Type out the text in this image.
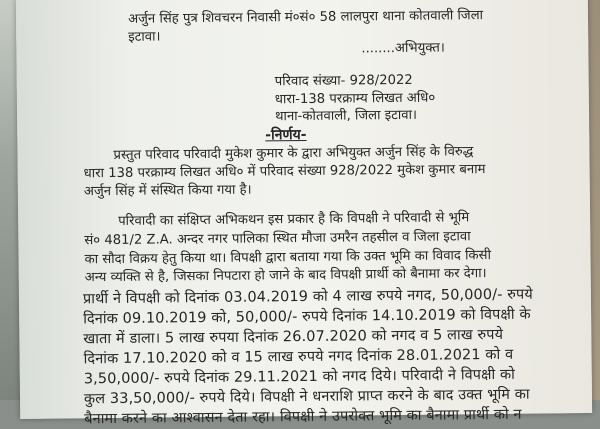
अर्जुन सिंह पुत्र शिवचरन निवासी मं०सं० 58 लालपुरा थाना कोतवाली जिला
इटावा।
........अभियुक्त।
परिवाद संख्या- 928/2022
धारा-138 परक्राम्य लिखत अधि०
थाना-कोतवाली, जिला इटावा।
-निर्णय-
प्रस्तुत परिवाद परिवादी मुकेश कुमार के द्वारा अभियुक्त अर्जुन सिंह के विरुद्ध
धारा 138 परक्राम्य लिखत अधि० में परिवाद संख्या 928/2022 मुकेश कुमार बनाम
अर्जुन सिंह में संस्थित किया गया है।
परिवादी का संक्षिप्त अभिकथन इस प्रकार है कि विपक्षी ने परिवादी से भूमि
सं० 481/2 Z.A. अन्दर नगर पालिका स्थित मौजा उमरैन तहसील व जिला इटावा
का सौदा विक्रय हेतु किया था। विपक्षी द्वारा बताया गया कि उक्त भूमि का विवाद किसी
अन्य व्यक्ति से है, जिसका निपटारा हो जाने के बाद विपक्षी प्रार्थी को बैनामा कर देगा।
प्रार्थी ने विपक्षी को दिनांक 03.04.2019 को 4 लाख रुपये नगद, 50,000/- रुपये
दिनांक 09.10.2019 को, 50,000/- रुपये दिनांक 14.10.2019 को विपक्षी के
खाता में डाला। 5 लाख रुपया दिनांक 26.07.2020 को नगद व 5 लाख रुपये
दिनांक 17.10.2020 को व 15 लाख रुपये नगद दिनांक 28.01.2021 को व
3,50,000/- रुपये दिनांक 29.11.2021 को नगद दिये। परिवादी ने विपक्षी को
कुल 33,50,000/- रुपये दिये। विपक्षी ने धनराशि प्राप्त करने के बाद उक्त भूमि का
बैनामा करने का आश्वासन देता रहा। विपक्षी ने उपरोक्त भूमि का बैनामा प्रार्थी को न
